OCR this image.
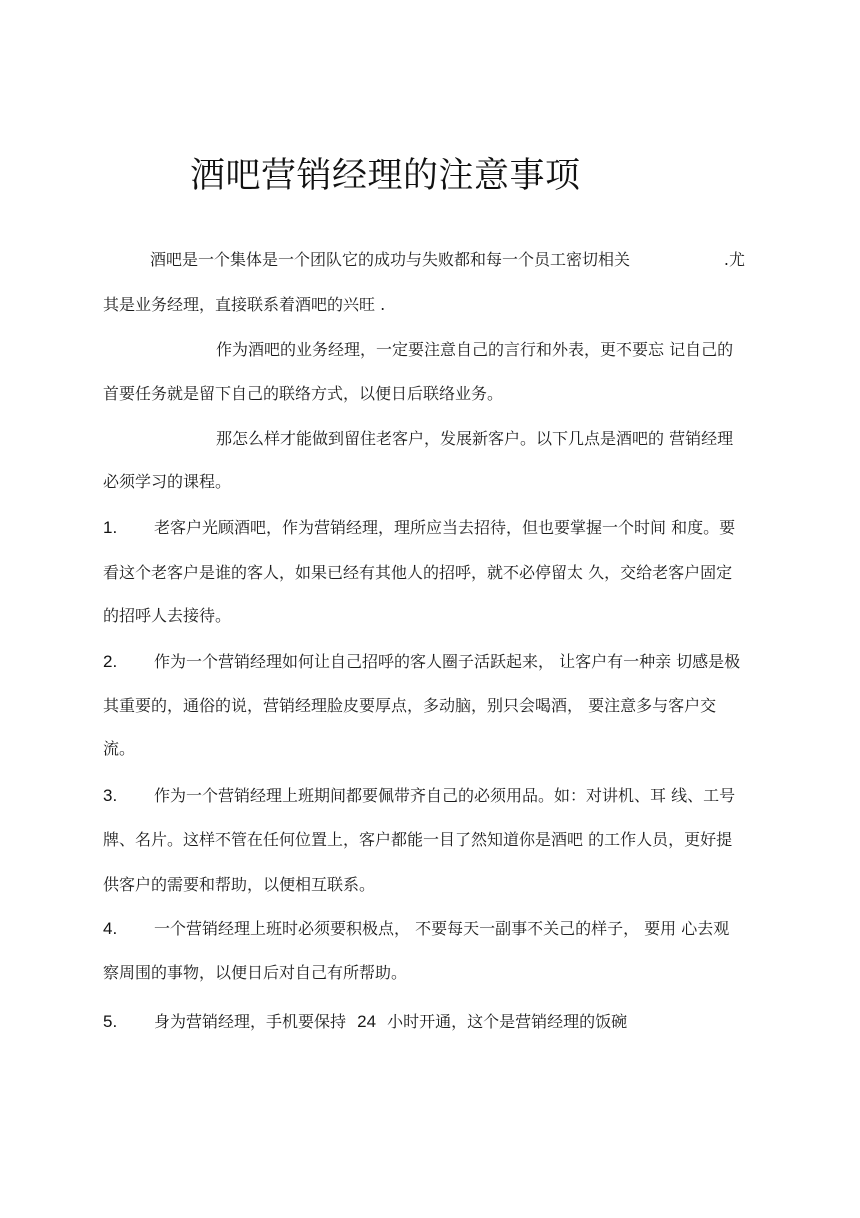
酒吧营销经理的注意事项
酒吧是一个集体是一个团队它的成功与失败都和每一个员工密切相关	.尤
其是业务经理，直接联系着酒吧的兴旺 .
作为酒吧的业务经理，一定要注意自己的言行和外表，更不要忘 记自己的
首要任务就是留下自己的联络方式，以便日后联络业务。
那怎么样才能做到留住老客户，发展新客户。以下几点是酒吧的 营销经理
必须学习的课程。
1. 老客户光顾酒吧，作为营销经理，理所应当去招待，但也要掌握一个时间 和度。要
看这个老客户是谁的客人，如果已经有其他人的招呼，就不必停留太 久，交给老客户固定
的招呼人去接待。
2. 作为一个营销经理如何让自己招呼的客人圈子活跃起来， 让客户有一种亲 切感是极
其重要的，通俗的说，营销经理脸皮要厚点，多动脑，别只会喝酒， 要注意多与客户交
流。
3. 作为一个营销经理上班期间都要佩带齐自己的必须用品。如：对讲机、耳 线、工号
牌、名片。这样不管在任何位置上，客户都能一目了然知道你是酒吧 的工作人员，更好提
供客户的需要和帮助，以便相互联系。
4. 一个营销经理上班时必须要积极点， 不要每天一副事不关己的样子， 要用 心去观
察周围的事物，以便日后对自己有所帮助。
5. 身为营销经理，手机要保持 24 小时开通，这个是营销经理的饭碗
